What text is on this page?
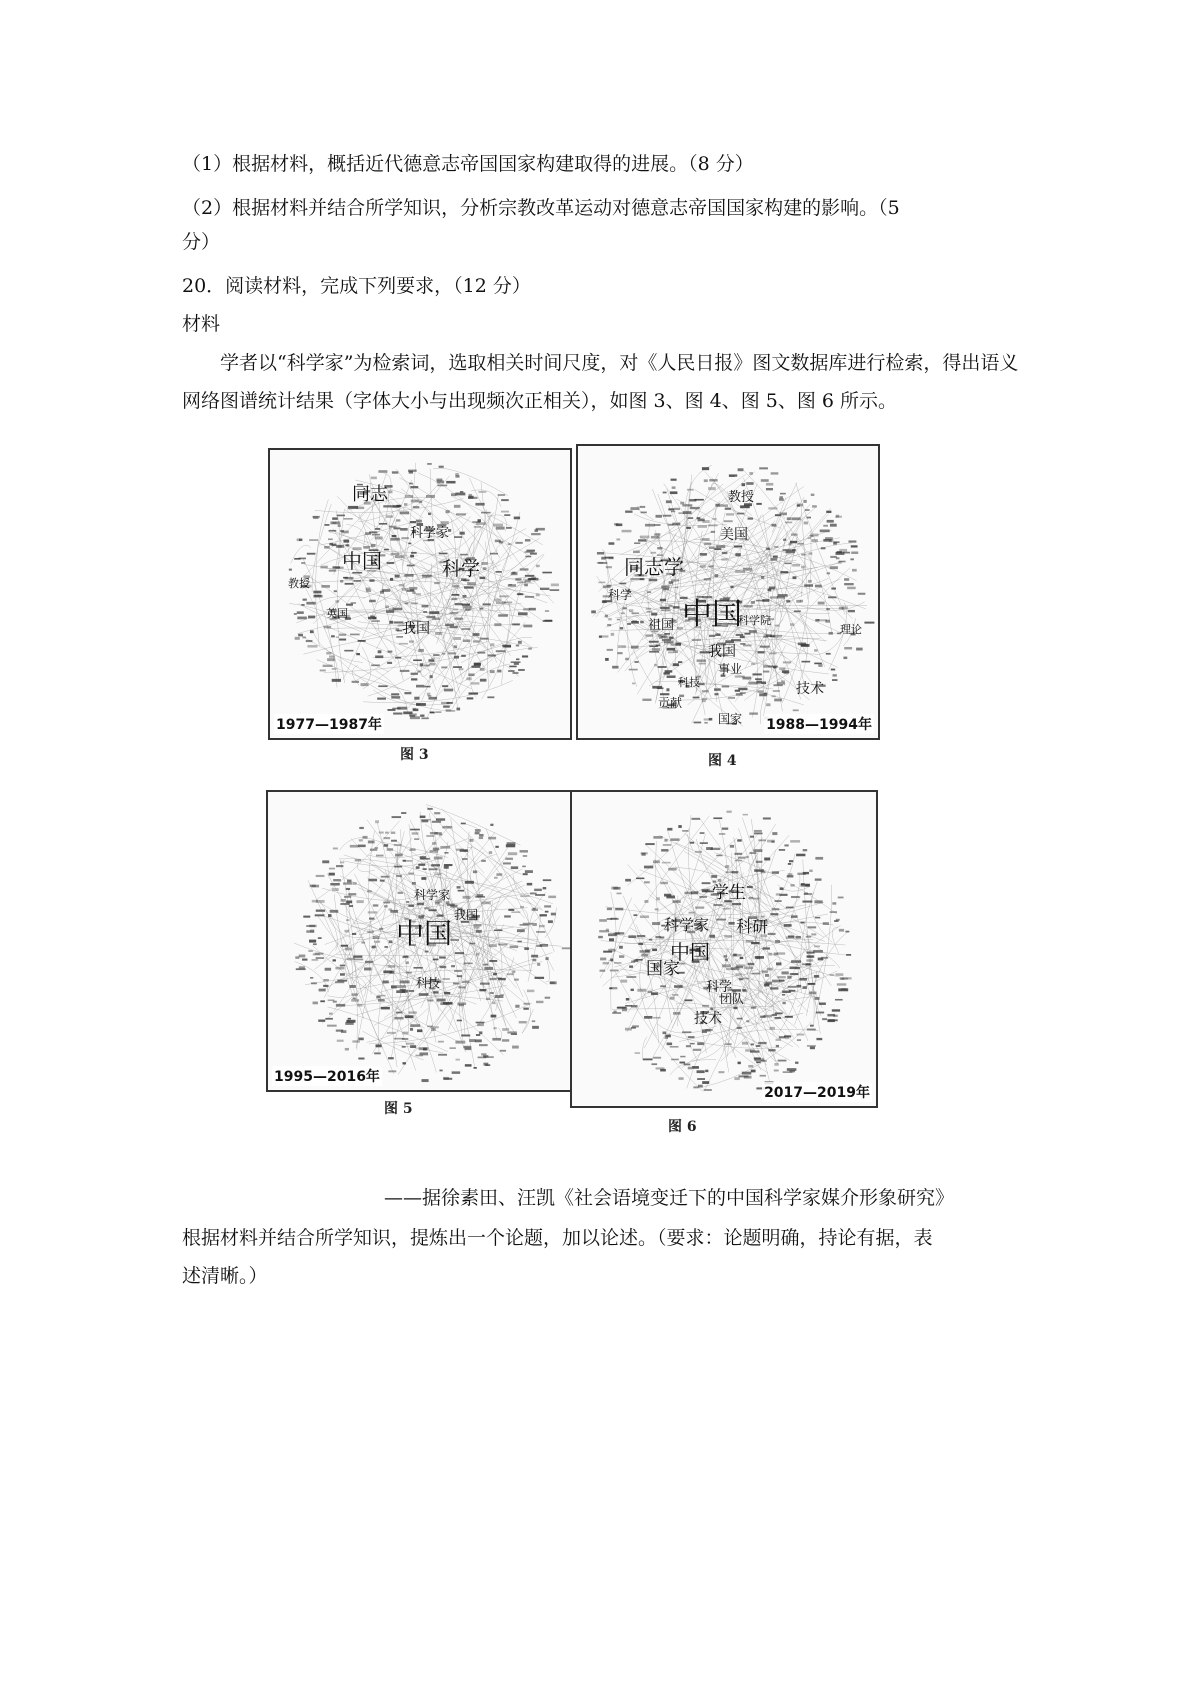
（1）根据材料，概括近代德意志帝国国家构建取得的进展。（8 分）
（2）根据材料并结合所学知识，分析宗教改革运动对德意志帝国国家构建的影响。（5
分）
20．阅读材料，完成下列要求，（12 分）
材料
学者以“科学家”为检索词，选取相关时间尺度，对《人民日报》图文数据库进行检索，得出语义网络图谱统计结果（字体大小与出现频次正相关），如图 3、图 4、图 5、图 6 所示。
同志
科学家
中国	科学
教授
英国
我国
1977—1987年
图 3
教授
美国
同志学
科学
中国
祖国
我国
事业
科技
贡献
国家
技术
科学院
理论
1988—1994年
图 4
科学家
中国
我国
科技
1995—2016年
图 5
学生
科学家 科研
中国
国家
科学
团队
技术
2017—2019年
图 6
——据徐素田、汪凯《社会语境变迁下的中国科学家媒介形象研究》
根据材料并结合所学知识，提炼出一个论题，加以论述。（要求：论题明确，持论有据，表
述清晰。）
